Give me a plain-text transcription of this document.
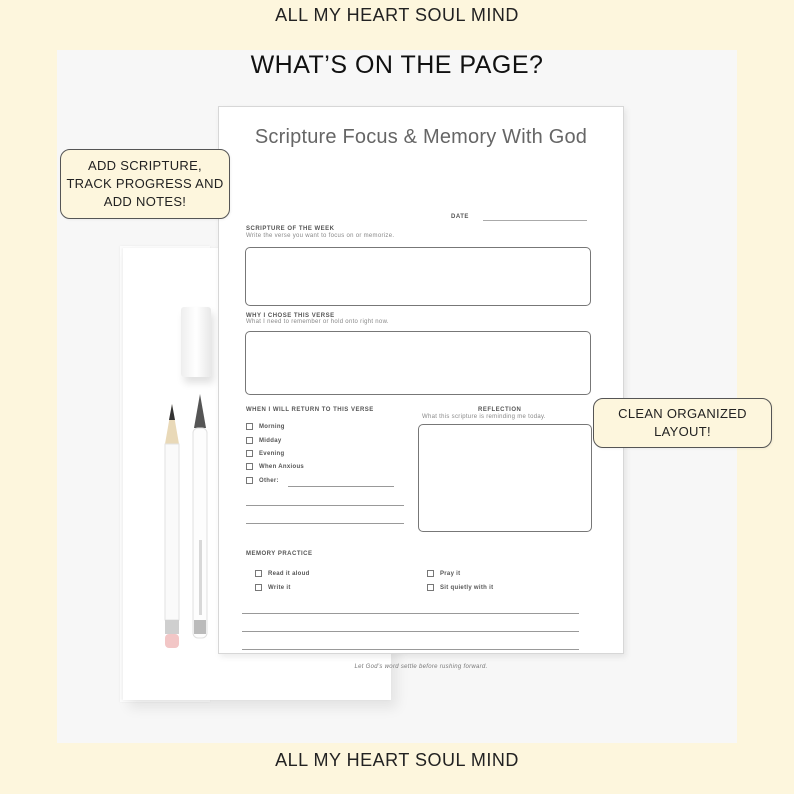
ALL MY HEART SOUL MIND
Scripture Focus & Memory With God
DATE
SCRIPTURE OF THE WEEK
Write the verse you want to focus on or memorize.
WHY I CHOSE THIS VERSE
What I need to remember or hold onto right now.
WHEN I WILL RETURN TO THIS VERSE
Morning
Midday
Evening
When Anxious
Other:
REFLECTION
What this scripture is reminding me today.
MEMORY PRACTICE
Read it aloud
Write it
Pray it
Sit quietly with it
Let God’s word settle before rushing forward.
WHAT’S ON THE PAGE?
ADD SCRIPTURE,
TRACK PROGRESS AND
ADD NOTES!
CLEAN ORGANIZED
LAYOUT!
ALL MY HEART SOUL MIND
